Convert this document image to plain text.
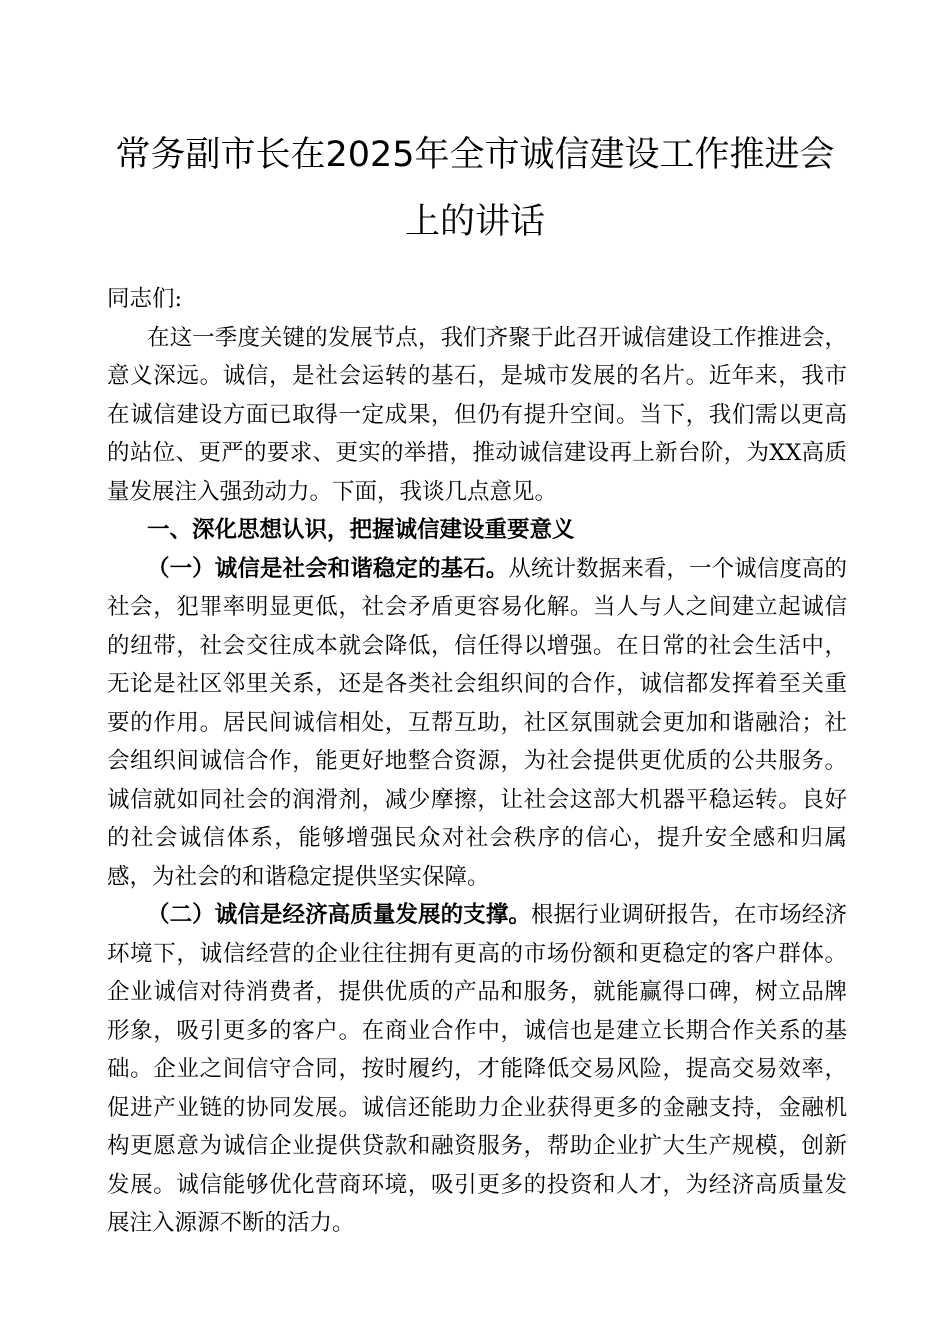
常务副市长在2025年全市诚信建设工作推进会
上的讲话

同志们:

在这一季度关键的发展节点，我们齐聚于此召开诚信建设工作推进会，意义深远。诚信，是社会运转的基石，是城市发展的名片。近年来，我市在诚信建设方面已取得一定成果，但仍有提升空间。当下，我们需以更高的站位、更严的要求、更实的举措，推动诚信建设再上新台阶，为XX高质量发展注入强劲动力。下面，我谈几点意见。

一、深化思想认识，把握诚信建设重要意义

（一）诚信是社会和谐稳定的基石。从统计数据来看，一个诚信度高的社会，犯罪率明显更低，社会矛盾更容易化解。当人与人之间建立起诚信的纽带，社会交往成本就会降低，信任得以增强。在日常的社会生活中，无论是社区邻里关系，还是各类社会组织间的合作，诚信都发挥着至关重要的作用。居民间诚信相处，互帮互助，社区氛围就会更加和谐融洽；社会组织间诚信合作，能更好地整合资源，为社会提供更优质的公共服务。诚信就如同社会的润滑剂，减少摩擦，让社会这部大机器平稳运转。良好的社会诚信体系，能够增强民众对社会秩序的信心，提升安全感和归属感，为社会的和谐稳定提供坚实保障。

（二）诚信是经济高质量发展的支撑。根据行业调研报告，在市场经济环境下，诚信经营的企业往往拥有更高的市场份额和更稳定的客户群体。企业诚信对待消费者，提供优质的产品和服务，就能赢得口碑，树立品牌形象，吸引更多的客户。在商业合作中，诚信也是建立长期合作关系的基础。企业之间信守合同，按时履约，才能降低交易风险，提高交易效率，促进产业链的协同发展。诚信还能助力企业获得更多的金融支持，金融机构更愿意为诚信企业提供贷款和融资服务，帮助企业扩大生产规模，创新发展。诚信能够优化营商环境，吸引更多的投资和人才，为经济高质量发展注入源源不断的活力。
